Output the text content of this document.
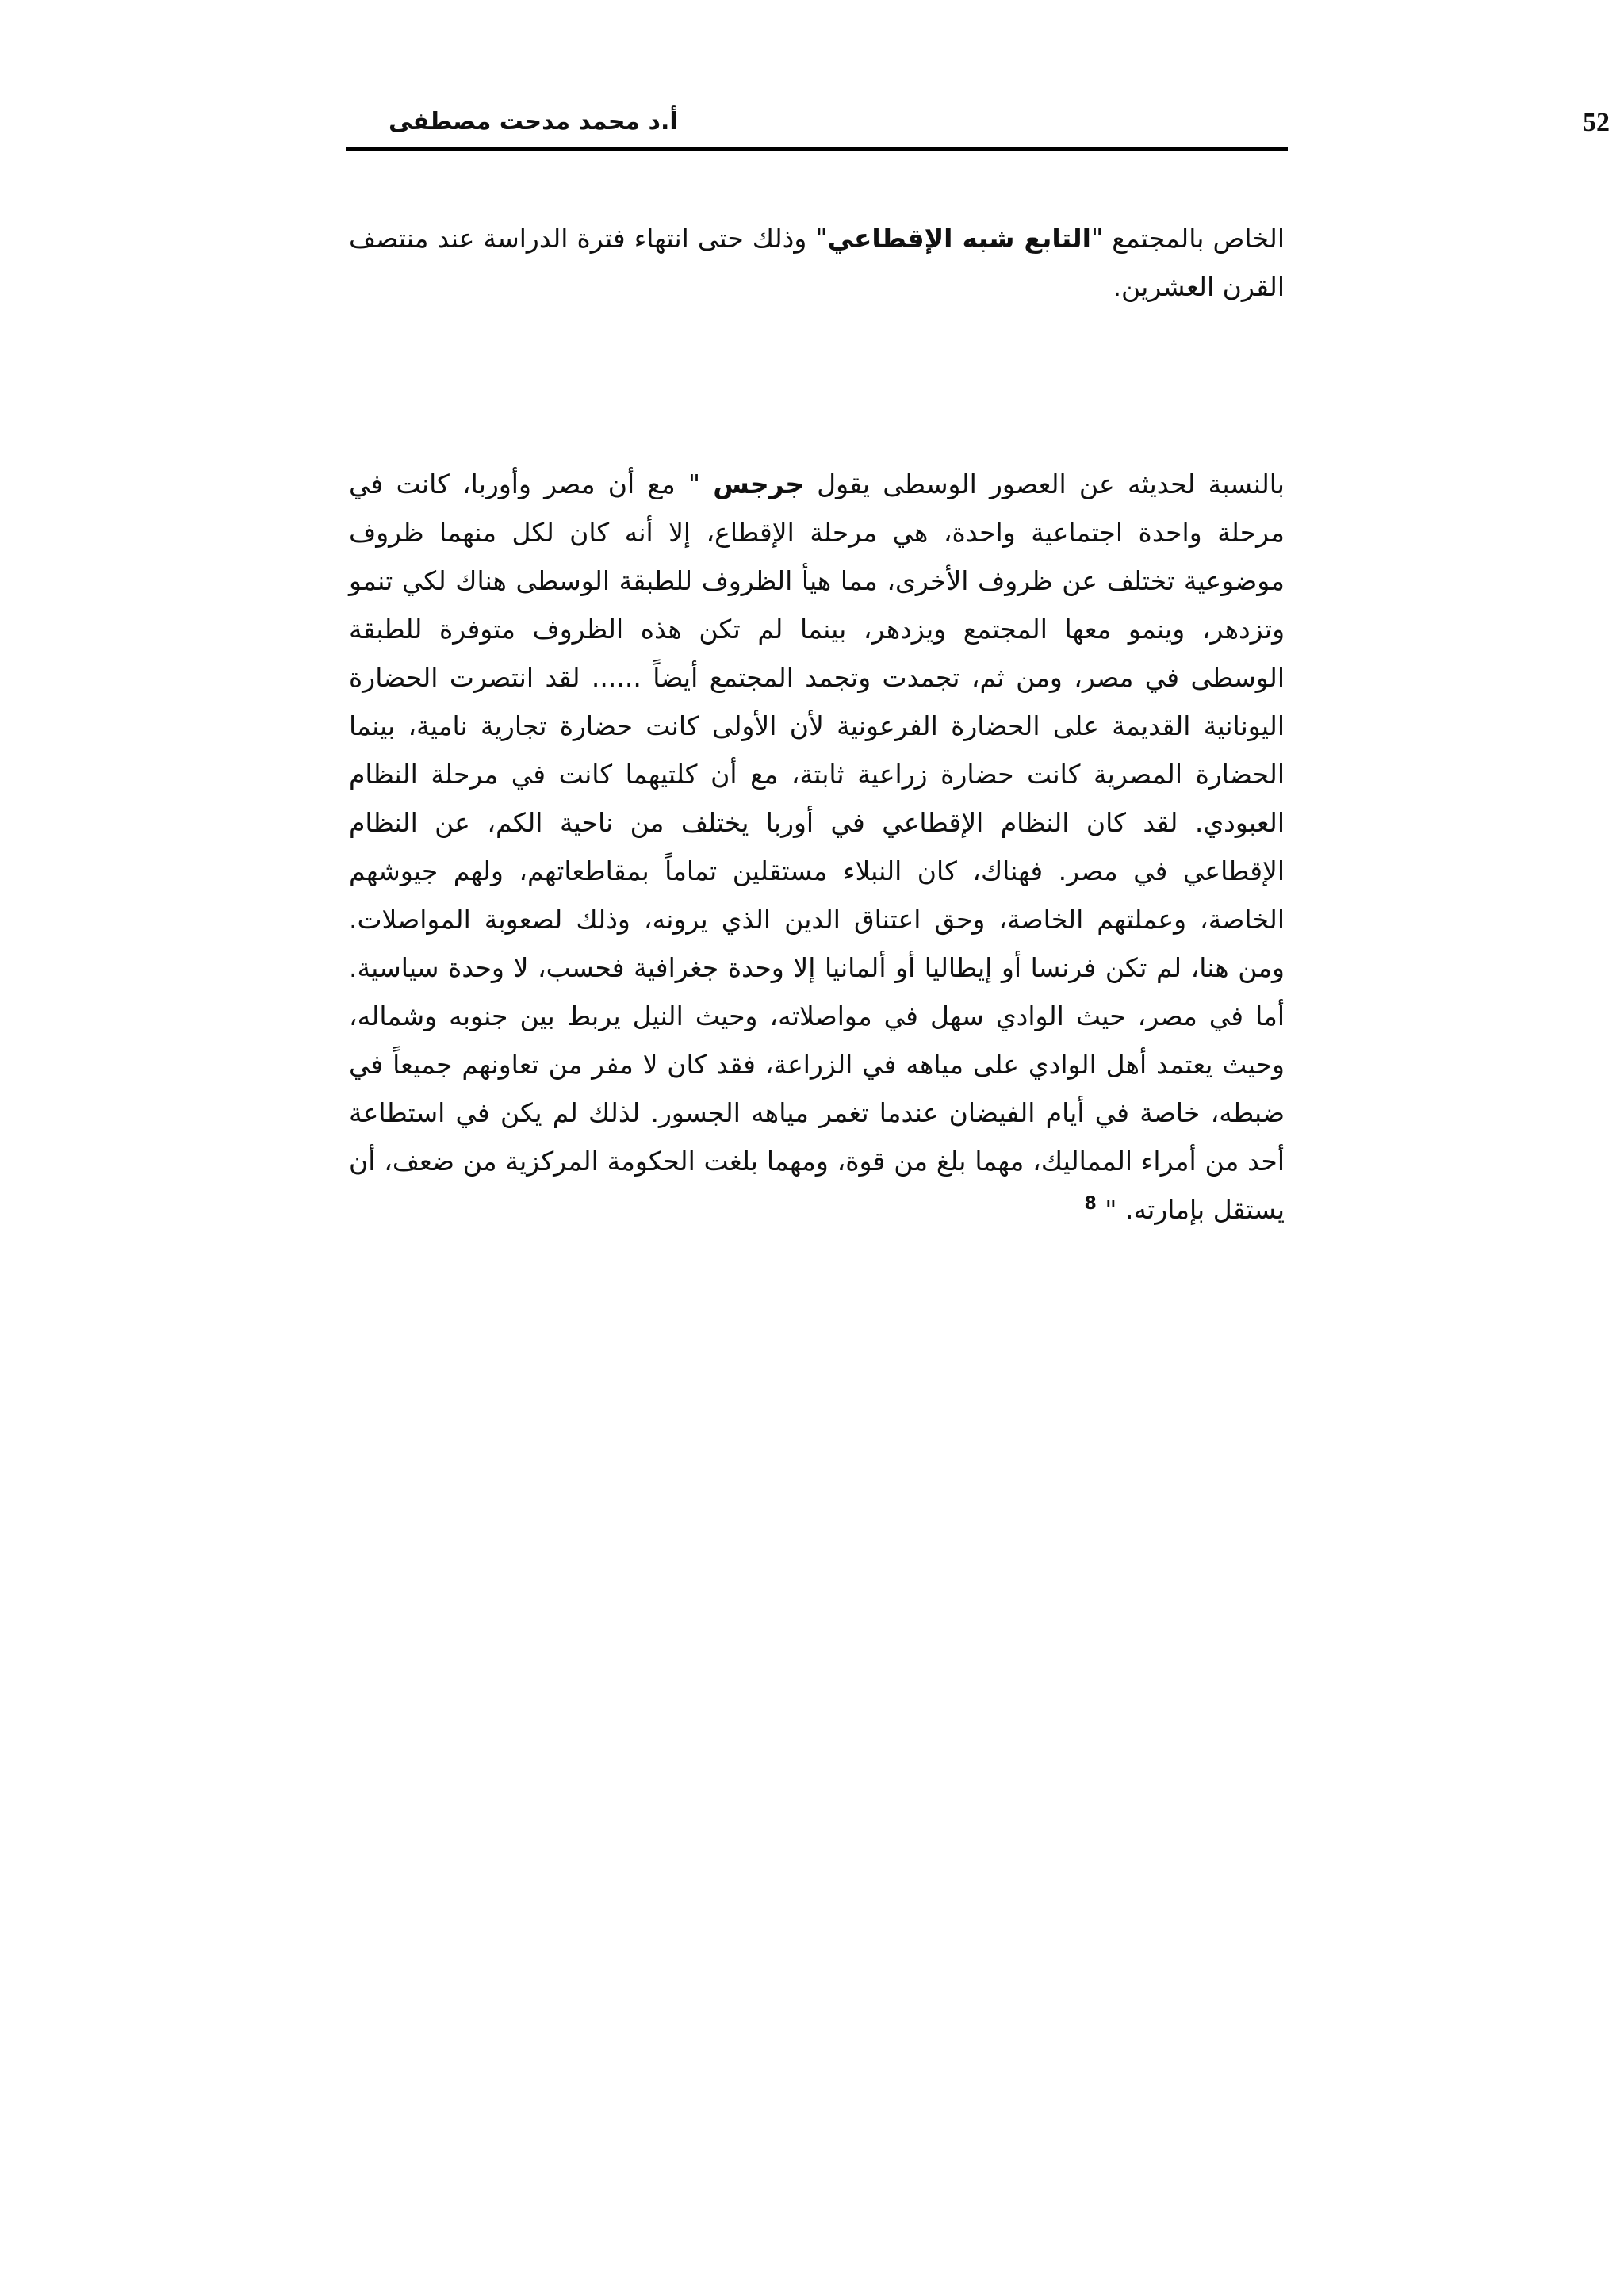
52
أ.د محمد مدحت مصطفى

الخاص بالمجتمع "التابع شبه الإقطاعي" وذلك حتى انتهاء فترة الدراسة عند منتصف القرن العشرين.

بالنسبة لحديثه عن العصور الوسطى يقول جرجس " مع أن مصر وأوربا، كانت في مرحلة واحدة اجتماعية واحدة، هي مرحلة الإقطاع، إلا أنه كان لكل منهما ظروف موضوعية تختلف عن ظروف الأخرى، مما هيأ الظروف للطبقة الوسطى هناك لكي تنمو وتزدهر، وينمو معها المجتمع ويزدهر، بينما لم تكن هذه الظروف متوفرة للطبقة الوسطى في مصر، ومن ثم، تجمدت وتجمد المجتمع أيضاً ...... لقد انتصرت الحضارة اليونانية القديمة على الحضارة الفرعونية لأن الأولى كانت حضارة تجارية نامية، بينما الحضارة المصرية كانت حضارة زراعية ثابتة، مع أن كلتيهما كانت في مرحلة النظام العبودي. لقد كان النظام الإقطاعي في أوربا يختلف من ناحية الكم، عن النظام الإقطاعي في مصر. فهناك، كان النبلاء مستقلين تماماً بمقاطعاتهم، ولهم جيوشهم الخاصة، وعملتهم الخاصة، وحق اعتناق الدين الذي يرونه، وذلك لصعوبة المواصلات. ومن هنا، لم تكن فرنسا أو إيطاليا أو ألمانيا إلا وحدة جغرافية فحسب، لا وحدة سياسية. أما في مصر، حيث الوادي سهل في مواصلاته، وحيث النيل يربط بين جنوبه وشماله، وحيث يعتمد أهل الوادي على مياهه في الزراعة، فقد كان لا مفر من تعاونهم جميعاً في ضبطه، خاصة في أيام الفيضان عندما تغمر مياهه الجسور. لذلك لم يكن في استطاعة أحد من أمراء المماليك، مهما بلغ من قوة، ومهما بلغت الحكومة المركزية من ضعف، أن يستقل بإمارته. " $^8$
